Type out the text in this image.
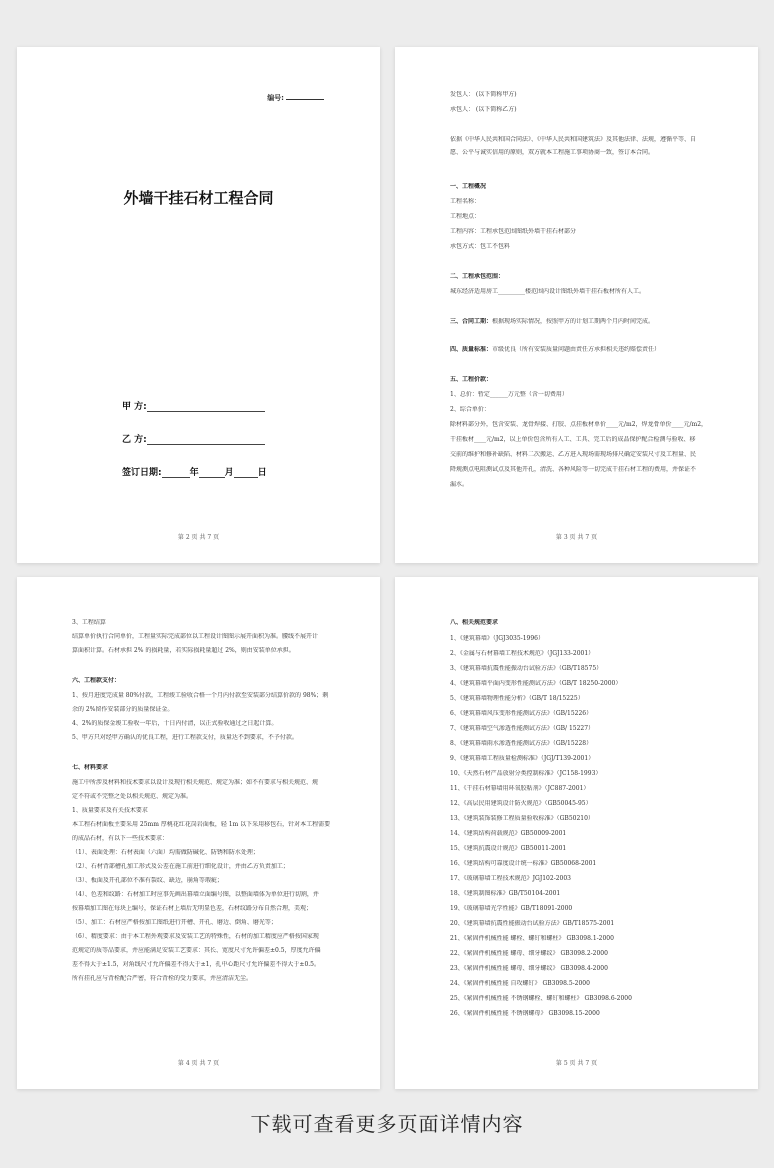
编号:
外墙干挂石材工程合同
甲 方:
乙 方:
签订日期:	年	月	日
第 2 页 共 7 页
发包人： (以下简称甲方)
承包人： (以下简称乙方)
依据《中华人民共和国合同法》、《中华人民共和国建筑法》及其他法律、法规，遵循平等、自
愿、公平与诚实信用的原则，双方就本工程施工事项协商一致，签订本合同。
一、工程概况
工程名称：
工程地点：
工程内容：工程承包范围图纸外墙干挂石材部分
承包方式：包工不包料
二、工程承包范围：
城东经济适用房工_________楼范围内设计图纸外墙干挂石板材所有人工。
三、合同工期：根据现场实际情况，按照甲方的计划工期两个月内时间完成。
四、质量标准：市级优良（所有安装质量问题由责任方承担相关违约赔偿责任）
五、工程价款：
1、总价：暂定______万元整（含一切费用）
2、综合单价：
除材料部分外，包含安装、龙骨焊接、打胶、点挂板材单价____元/m2，焊龙骨单价____元/m2，
干挂板材____元/m2，以上单价包含所有人工、工具、完工后的成品保护配合检测与验收、移
交前的维护和修补缺陷、材料二次搬运、乙方进入现场需现场排尺确定安装尺寸及工程量、民
降规测点电阻测试点及其他开孔，清洗、各种风险等一切完成干挂石材工程的费用，并保证不
漏水。
第 3 页 共 7 页
3、工程结算
结算单价执行合同单价，工程量实际完成部位以工程设计图图示展开面积为准。腰线不展开计
算面积计算。石材承担 2% 的损耗量，若实际损耗量超过 2%，则由安装单位承担。
六、工程款支付：
1、按月进度完成量 80%付款，工程竣工验收合格一个月内付款至安装部分结算价款的 98%；剩
余的 2%留作安装部分的质量保证金。
4、2%的质保金竣工验收一年后，十日内付清，以正式验收通过之日起计算。
5、甲方只对经甲方确认的优良工程，进行工程款支付，质量达不到要求，不予付款。
七、材料要求
施工中所涉及材料和技术要求以设计及现行相关规范、规定为准；如不有要求与相关规范、规
定不符或不完整之处以相关规范、规定为准。
1、质量要求及有关技术要求
本工程石材面板主要采用 25mm 厚桃花红花岗岩面板，轻 1m 以下采用移包石，针对本工程需要
的成品石材，有以下一些技术要求：
（1）、表面处理：石材表面（六面）均需做防碱化、防锈和防水处理；
（2）、石材背部槽孔加工形式及公差在施工前进行细化设计，并由乙方负责加工；
（3）、板面及开孔部位不准有裂纹、缺边，崩角等瑕疵；
（4）、色差和纹路：石材加工时应事先画出幕墙立面编号图，以整面墙体为单位进行切割，并
按幕墙加工图在每块上编号，保证石材上墙后无明显色差，石材纹路分布自然合理，美观；
（5）、加工：石材应严格按加工图纸进行开槽、开孔、磨边、倒角、磨光等；
（6）、精度要求：由于本工程外观要求及安装工艺的特殊性，石材的加工精度应严格按国家现
范规定的质等品要求，并应能满足安装工艺要求：其长、宽度尺寸允许偏差±0.5，厚度允许偏
差不得大于±1.5，对角线尺寸允许偏差不得大于±1，孔中心距尺寸允许偏差不得大于±0.5。
所有挂孔应与背栓配合严密，符合背栓的受力要求，并应清洁无尘。
第 4 页 共 7 页
八、相关规范要求
1、《建筑幕墙》（JGJ3035-1996）
2、《金属与石材幕墙工程技术规范》（JGJ133-2001）
3、《建筑幕墙抗震性能振动台试验方法》（GB/T18575）
4、《建筑幕墙平面内变形性能测试方法》（GB/T 18250-2000）
5、《建筑幕墙物理性能分析》（GB/T 18/15225）
6、《建筑幕墙风压变形性能测试方法》（GB/15226）
7、《建筑幕墙空气渗透性能测试方法》（GB/ 15227）
8、《建筑幕墙雨水渗透性能测试方法》（GB/15228）
9、《建筑幕墙工程质量检测标准》（JGJ/T139-2001）
10、《天然石材产品放射分类控制标准》（JC158-1993）
11、《干挂石材幕墙用环氧胶粘剂》（JC887-2001）
12、《高层民用建筑设计防火规范》（GB50045-95）
13、《建筑装饰装修工程质量验收标准》（GB50210）
14、《建筑结构荷载规范》GB50009-2001
15、《建筑抗震设计规范》GB50011-2001
16、《建筑结构可靠度设计统一标准》GB50068-2001
17、《玻璃幕墙工程技术规范》JGJ102-2003
18、《建筑制图标准》GB/T50104-2001
19、《玻璃幕墙光学性能》GB/T18091-2000
20、《建筑幕墙抗震性能振动台试验方法》GB/T18575-2001
21、《紧固件机械性能 螺栓、螺钉和螺柱》 GB3098.1-2000
22、《紧固件机械性能 螺母、细牙螺纹》 GB3098.2-2000
23、《紧固件机械性能 螺母、细牙螺纹》 GB3098.4-2000
24、《紧固件机械性能 自攻螺钉》 GB3098.5-2000
25、《紧固件机械性能 不锈钢螺栓、螺钉和螺柱》 GB3098.6-2000
26、《紧固件机械性能 不锈钢螺母》 GB3098.15-2000
第 5 页 共 7 页
下载可查看更多页面详情内容
